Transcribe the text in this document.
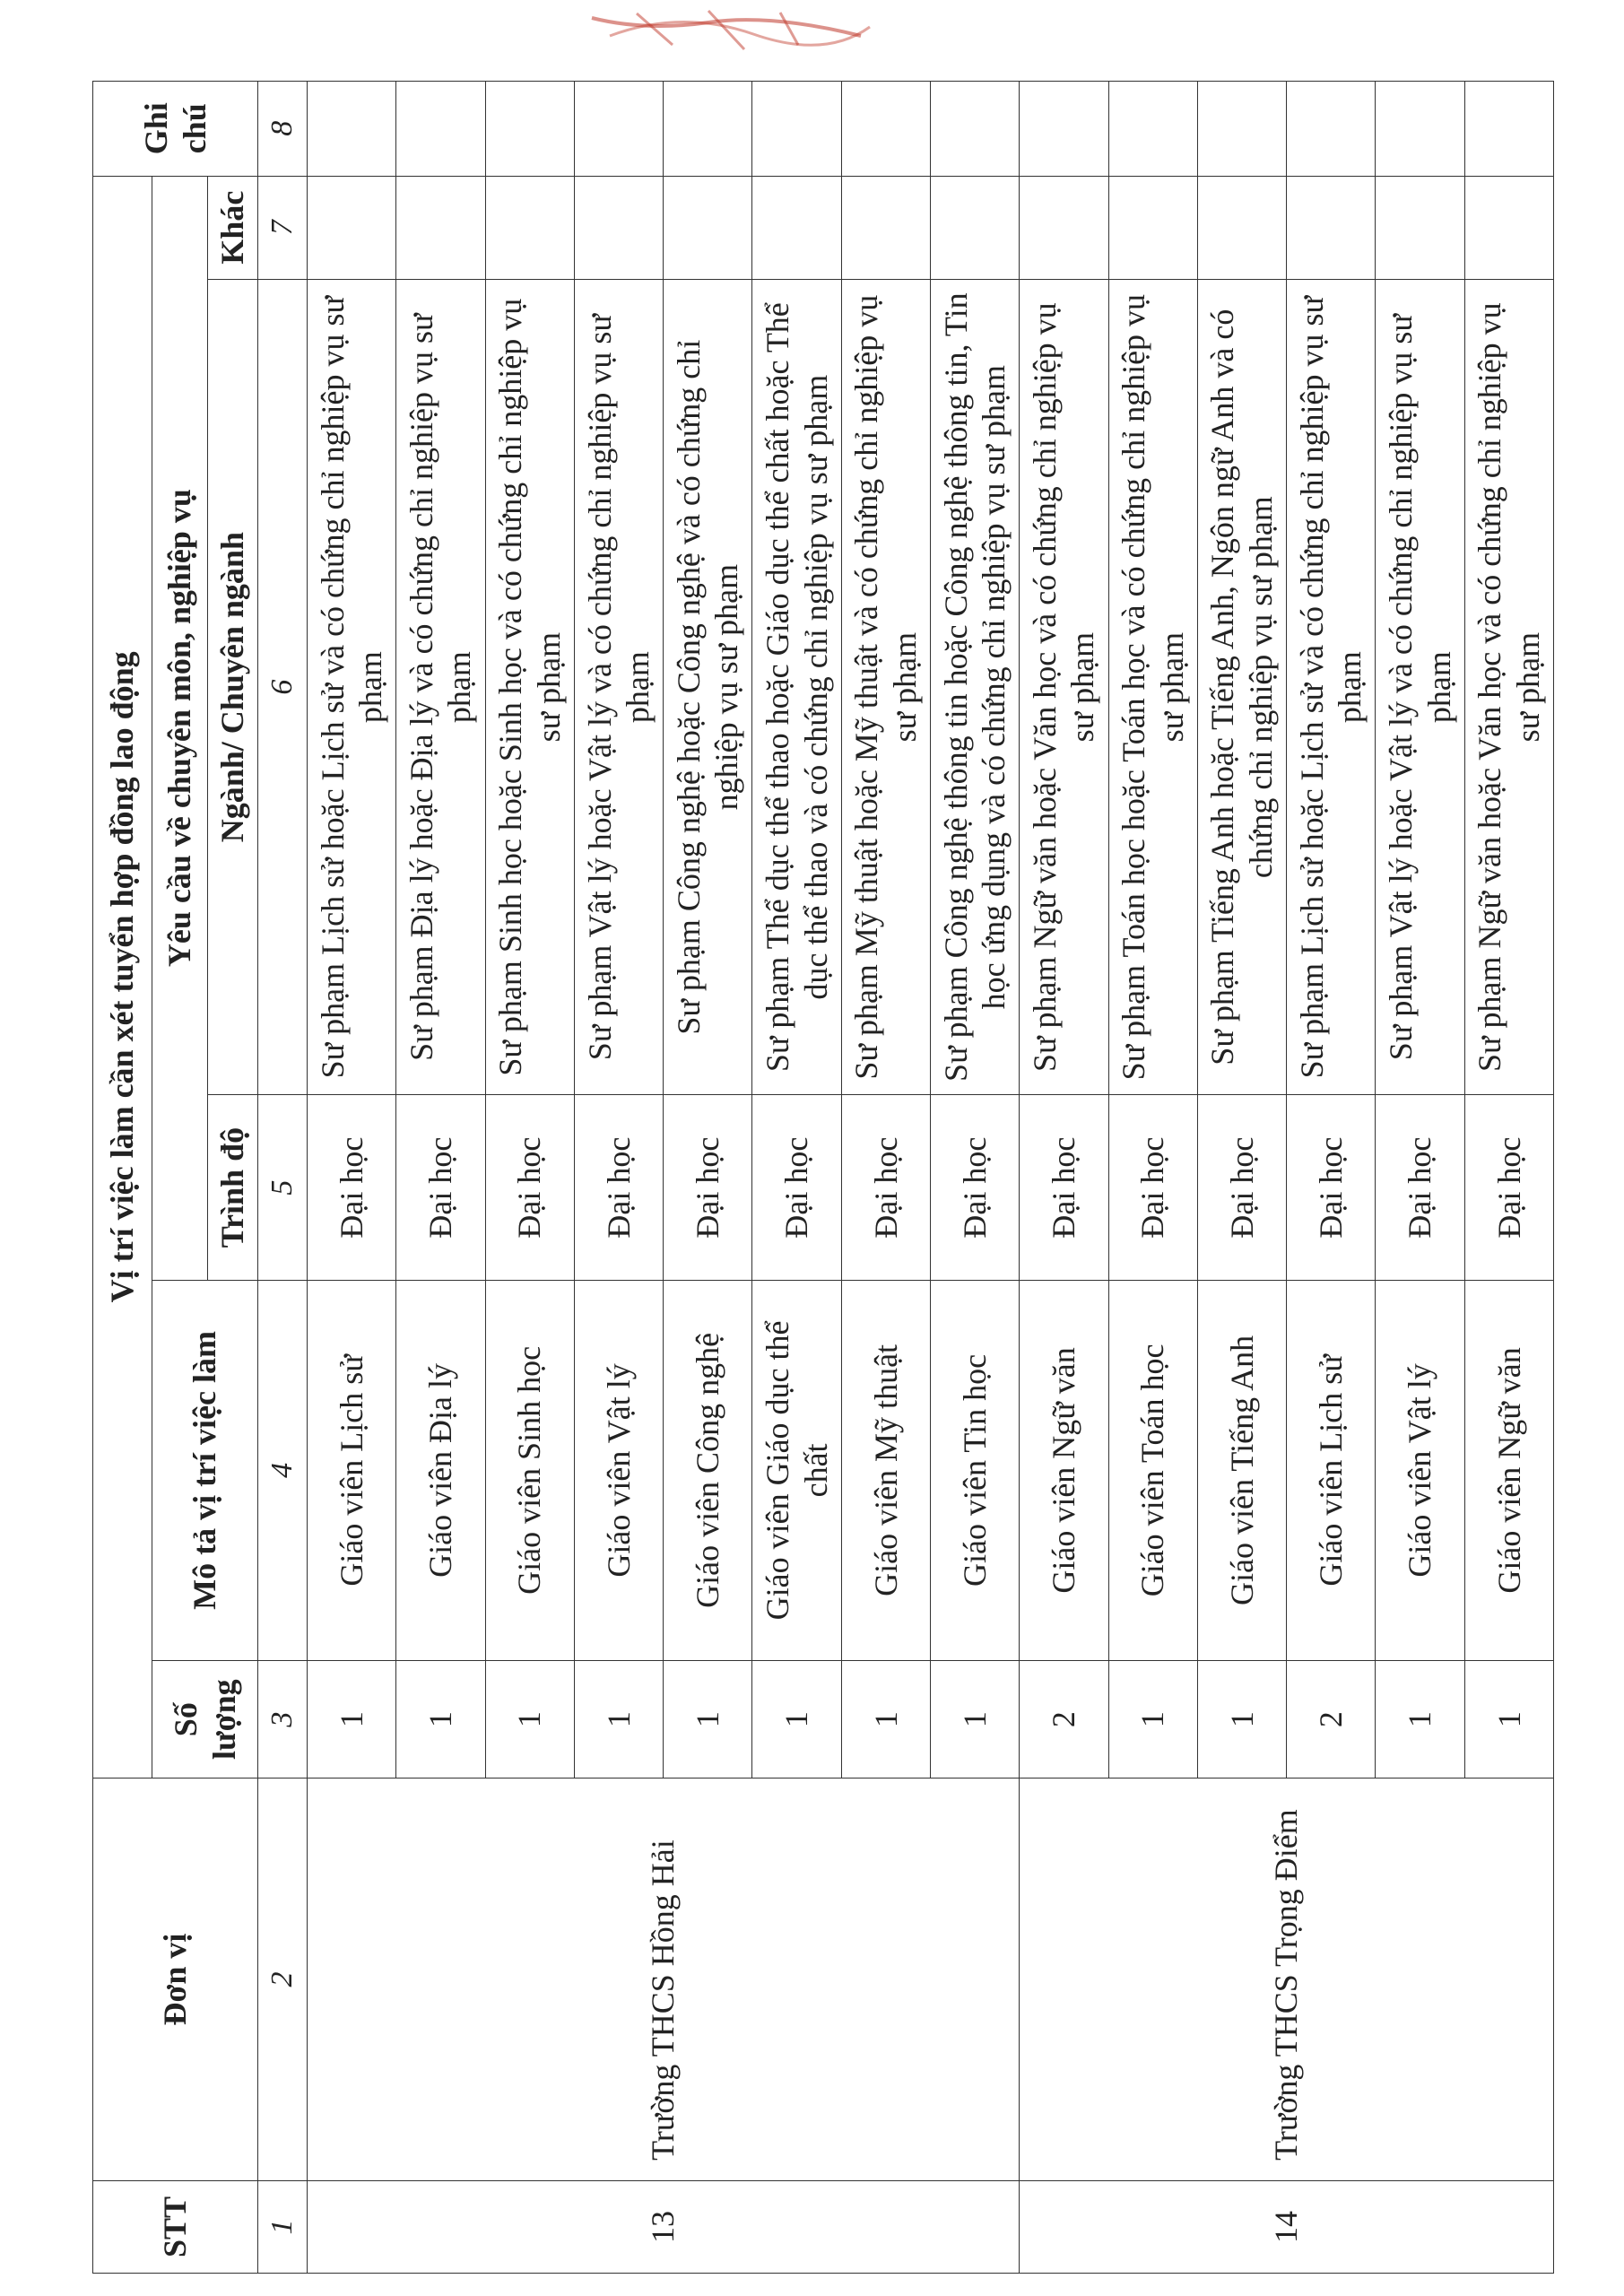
STT	Đơn vị	Vị trí việc làm cần xét tuyển hợp đồng lao động					Ghi chú
		Số lượng	Mô tả vị trí việc làm	Yêu cầu về chuyên môn, nghiệp vụ			
				Trình độ	Ngành/ Chuyên ngành	Khác	
1	2	3	4	5	6	7	8
13	Trường THCS Hồng Hải	1	Giáo viên Lịch sử	Đại học	Sư phạm Lịch sử hoặc Lịch sử và có chứng chỉ nghiệp vụ sư phạm		
		1	Giáo viên Địa lý	Đại học	Sư phạm Địa lý hoặc Địa lý và có chứng chỉ nghiệp vụ sư phạm		
		1	Giáo viên Sinh học	Đại học	Sư phạm Sinh học hoặc Sinh học và có chứng chỉ nghiệp vụ sư phạm		
		1	Giáo viên Vật lý	Đại học	Sư phạm Vật lý hoặc Vật lý và có chứng chỉ nghiệp vụ sư phạm		
		1	Giáo viên Công nghệ	Đại học	Sư phạm Công nghệ hoặc Công nghệ và có chứng chỉ nghiệp vụ sư phạm		
		1	Giáo viên Giáo dục thể chất	Đại học	Sư phạm Thể dục thể thao hoặc Giáo dục thể chất hoặc Thể dục thể thao và có chứng chỉ nghiệp vụ sư phạm		
		1	Giáo viên Mỹ thuật	Đại học	Sư phạm Mỹ thuật hoặc Mỹ thuật và có chứng chỉ nghiệp vụ sư phạm		
		1	Giáo viên Tin học	Đại học	Sư phạm Công nghệ thông tin hoặc Công nghệ thông tin, Tin học ứng dụng và có chứng chỉ nghiệp vụ sư phạm		
14	Trường THCS Trọng Điểm	2	Giáo viên Ngữ văn	Đại học	Sư phạm Ngữ văn hoặc Văn học và có chứng chỉ nghiệp vụ sư phạm		
		1	Giáo viên Toán học	Đại học	Sư phạm Toán học hoặc Toán học và có chứng chỉ nghiệp vụ sư phạm		
		1	Giáo viên Tiếng Anh	Đại học	Sư phạm Tiếng Anh hoặc Tiếng Anh, Ngôn ngữ Anh và có chứng chỉ nghiệp vụ sư phạm		
		2	Giáo viên Lịch sử	Đại học	Sư phạm Lịch sử hoặc Lịch sử và có chứng chỉ nghiệp vụ sư phạm		
		1	Giáo viên Vật lý	Đại học	Sư phạm Vật lý hoặc Vật lý và có chứng chỉ nghiệp vụ sư phạm		
		1	Giáo viên Ngữ văn	Đại học	Sư phạm Ngữ văn hoặc Văn học và có chứng chỉ nghiệp vụ sư phạm		
